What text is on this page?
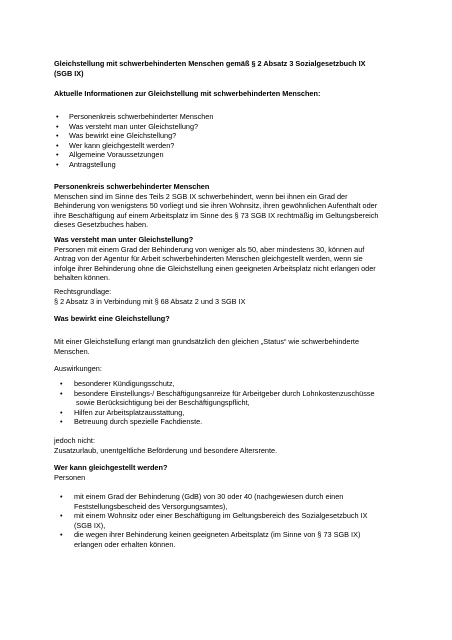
Gleichstellung mit schwerbehinderten Menschen gemäß § 2 Absatz 3 Sozialgesetzbuch IX
(SGB IX)
Aktuelle Informationen zur Gleichstellung mit schwerbehinderten Menschen:
• Personenkreis schwerbehinderter Menschen
• Was versteht man unter Gleichstellung?
• Was bewirkt eine Gleichstellung?
• Wer kann gleichgestellt werden?
• Allgemeine Voraussetzungen
• Antragstellung
Personenkreis schwerbehinderter Menschen
Menschen sind im Sinne des Teils 2 SGB IX schwerbehindert, wenn bei ihnen ein Grad der
Behinderung von wenigstens 50 vorliegt und sie ihren Wohnsitz, ihren gewöhnlichen Aufenthalt oder
ihre Beschäftigung auf einem Arbeitsplatz im Sinne des § 73 SGB IX rechtmäßig im Geltungsbereich
dieses Gesetzbuches haben.
Was versteht man unter Gleichstellung?
Personen mit einem Grad der Behinderung von weniger als 50, aber mindestens 30, können auf
Antrag von der Agentur für Arbeit schwerbehinderten Menschen gleichgestellt werden, wenn sie
infolge ihrer Behinderung ohne die Gleichstellung einen geeigneten Arbeitsplatz nicht erlangen oder
behalten können.
Rechtsgrundlage:
§ 2 Absatz 3 in Verbindung mit § 68 Absatz 2 und 3 SGB IX
Was bewirkt eine Gleichstellung?
Mit einer Gleichstellung erlangt man grundsätzlich den gleichen „Status“ wie schwerbehinderte
Menschen.
Auswirkungen:
• besonderer Kündigungsschutz,
• besondere Einstellungs-/ Beschäftigungsanreize für Arbeitgeber durch Lohnkostenzuschüsse
sowie Berücksichtigung bei der Beschäftigungspflicht,
• Hilfen zur Arbeitsplatzausstattung,
• Betreuung durch spezielle Fachdienste.
jedoch nicht:
Zusatzurlaub, unentgeltliche Beförderung und besondere Altersrente.
Wer kann gleichgestellt werden?
Personen
• mit einem Grad der Behinderung (GdB) von 30 oder 40 (nachgewiesen durch einen
Feststellungsbescheid des Versorgungsamtes),
• mit einem Wohnsitz oder einer Beschäftigung im Geltungsbereich des Sozialgesetzbuch IX
(SGB IX),
• die wegen ihrer Behinderung keinen geeigneten Arbeitsplatz (im Sinne von § 73 SGB IX)
erlangen oder erhalten können.
